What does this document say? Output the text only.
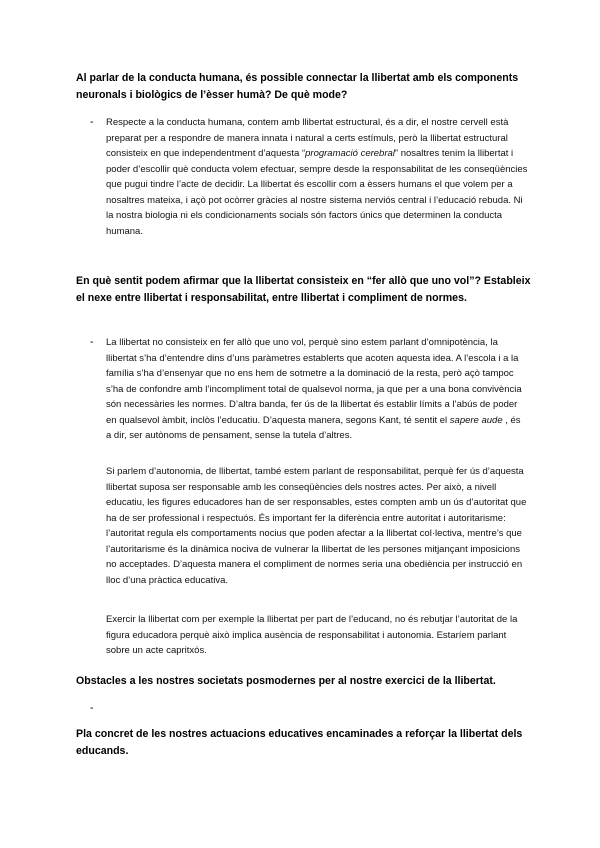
Al parlar de la conducta humana, és possible connectar la llibertat amb els components neuronals i biològics de l’èsser humà? De què mode?
- Respecte a la conducta humana, contem amb llibertat estructural, és a dir, el nostre cervell està preparat per a respondre de manera innata i natural a certs estímuls, però la llibertat estructural consisteix en que independentment d’aquesta “programació cerebral” nosaltres tenim la llibertat i poder d’escollir què conducta volem efectuar, sempre desde la responsabilitat de les conseqüències que pugui tindre l’acte de decidir. La llibertat és escollir com a èssers humans el que volem per a nosaltres mateixa, i açò pot ocòrrer gràcies al nostre sistema nerviós central i l’educació rebuda. Ni la nostra biologia ni els condicionaments socials són factors únics que determinen la conducta humana.

En què sentit podem afirmar que la llibertat consisteix en “fer allò que uno vol”? Estableix el nexe entre llibertat i responsabilitat, entre llibertat i compliment de normes.
- La llibertat no consisteix en fer allò que uno vol, perquè sino estem parlant d’omnipotència, la llibertat s’ha d’entendre dins d’uns paràmetres establerts que acoten aquesta idea. A l’escola i a la família s’ha d’ensenyar que no ens hem de sotmetre a la dominació de la resta, però açò tampoc s’ha de confondre amb l’incompliment total de qualsevol norma, ja que per a una bona convivència són necessàries les normes. D’altra banda, fer ús de la llibertat és establir límits a l’abús de poder en qualsevol àmbit, inclòs l’educatiu. D’aquesta manera, segons Kant, té sentit el sapere aude , és a dir, ser autònoms de pensament, sense la tutela d’altres.

Si parlem d’autonomia, de llibertat, també estem parlant de responsabilitat, perquè fer ús d’aquesta llibertat suposa ser responsable amb les conseqüències dels nostres actes. Per això, a nivell educatiu, les figures educadores han de ser responsables, estes compten amb un ús d’autoritat que ha de ser professional i respectuós. És important fer la diferència entre autoritat i autoritarisme: l’autoritat regula els comportaments nocius que poden afectar a la llibertat col·lectiva, mentre’s que l’autoritarisme és la dinàmica nociva de vulnerar la llibertat de les persones mitjançant imposicions no acceptades. D’aquesta manera el compliment de normes seria una obediència per instrucció en lloc d’una pràctica educativa.

Exercir la llibertat com per exemple la llibertat per part de l’educand, no és rebutjar l’autoritat de la figura educadora perquè això implica ausència de responsabilitat i autonomia. Estaríem parlant sobre un acte capritxós.

Obstacles a les nostres societats posmodernes per al nostre exercici de la llibertat.
-
Pla concret de les nostres actuacions educatives encaminades a reforçar la llibertat dels educands.
